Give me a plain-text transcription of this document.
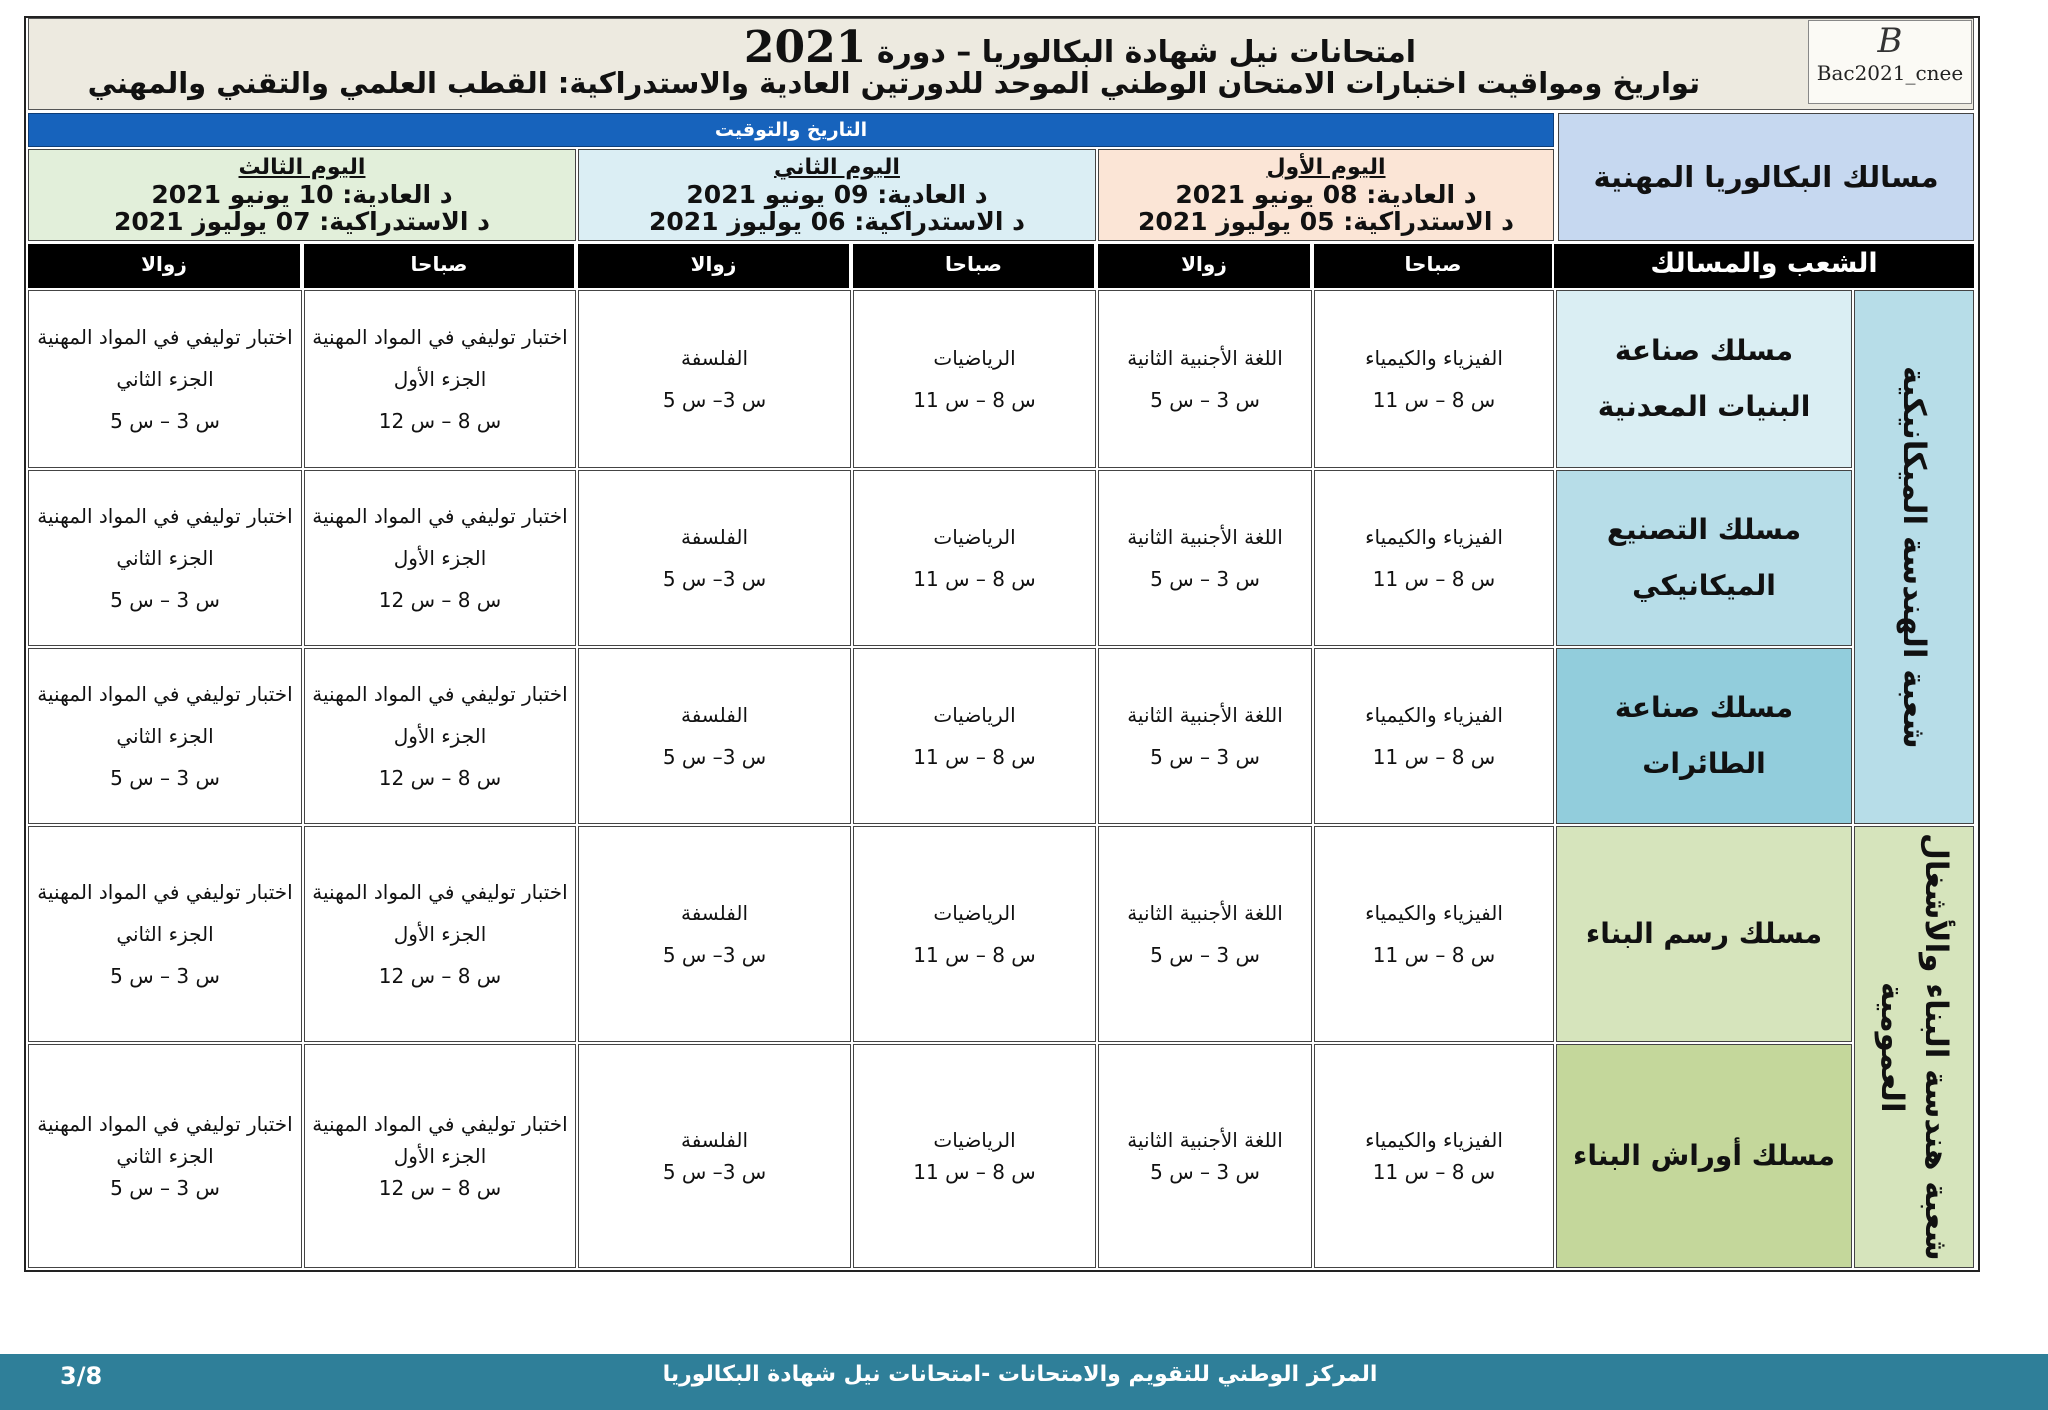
امتحانات نيل شهادة البكالوريا – دورة 2021
تواريخ ومواقيت اختبارات الامتحان الوطني الموحد للدورتين العادية والاستدراكية: القطب العلمي والتقني والمهني
B
Bac2021_cnee
التاريخ والتوقيت
مسالك البكالوريا المهنية
اليوم الأول
د العادية: 08 يونيو 2021
د الاستدراكية: 05 يوليوز 2021
اليوم الثاني
د العادية: 09 يونيو 2021
د الاستدراكية: 06 يوليوز 2021
اليوم الثالث
د العادية: 10 يونيو 2021
د الاستدراكية: 07 يوليوز 2021
الشعب والمسالك
صباحا
زوالا
صباحا
زوالا
صباحا
زوالا
شعبة الهندسة الميكانيكية
شعبة هندسة البناء والأشغال العمومية
مسلك صناعة البنيات المعدنية
مسلك التصنيع الميكانيكي
مسلك صناعة الطائرات
مسلك رسم البناء
مسلك أوراش البناء
الفيزياء والكيمياء
س 8 – س 11
اللغة الأجنبية الثانية
س 3 – س 5
الرياضيات
س 8 – س 11
الفلسفة
س 3– س 5
اختبار توليفي في المواد المهنية
الجزء الأول
س 8 – س 12
اختبار توليفي في المواد المهنية
الجزء الثاني
س 3 – س 5
الفيزياء والكيمياء
س 8 – س 11
اللغة الأجنبية الثانية
س 3 – س 5
الرياضيات
س 8 – س 11
الفلسفة
س 3– س 5
اختبار توليفي في المواد المهنية
الجزء الأول
س 8 – س 12
اختبار توليفي في المواد المهنية
الجزء الثاني
س 3 – س 5
الفيزياء والكيمياء
س 8 – س 11
اللغة الأجنبية الثانية
س 3 – س 5
الرياضيات
س 8 – س 11
الفلسفة
س 3– س 5
اختبار توليفي في المواد المهنية
الجزء الأول
س 8 – س 12
اختبار توليفي في المواد المهنية
الجزء الثاني
س 3 – س 5
الفيزياء والكيمياء
س 8 – س 11
اللغة الأجنبية الثانية
س 3 – س 5
الرياضيات
س 8 – س 11
الفلسفة
س 3– س 5
اختبار توليفي في المواد المهنية
الجزء الأول
س 8 – س 12
اختبار توليفي في المواد المهنية
الجزء الثاني
س 3 – س 5
الفيزياء والكيمياء
س 8 – س 11
اللغة الأجنبية الثانية
س 3 – س 5
الرياضيات
س 8 – س 11
الفلسفة
س 3– س 5
اختبار توليفي في المواد المهنية
الجزء الأول
س 8 – س 12
اختبار توليفي في المواد المهنية
الجزء الثاني
س 3 – س 5
المركز الوطني للتقويم والامتحانات -امتحانات نيل شهادة البكالوريا
3/8
